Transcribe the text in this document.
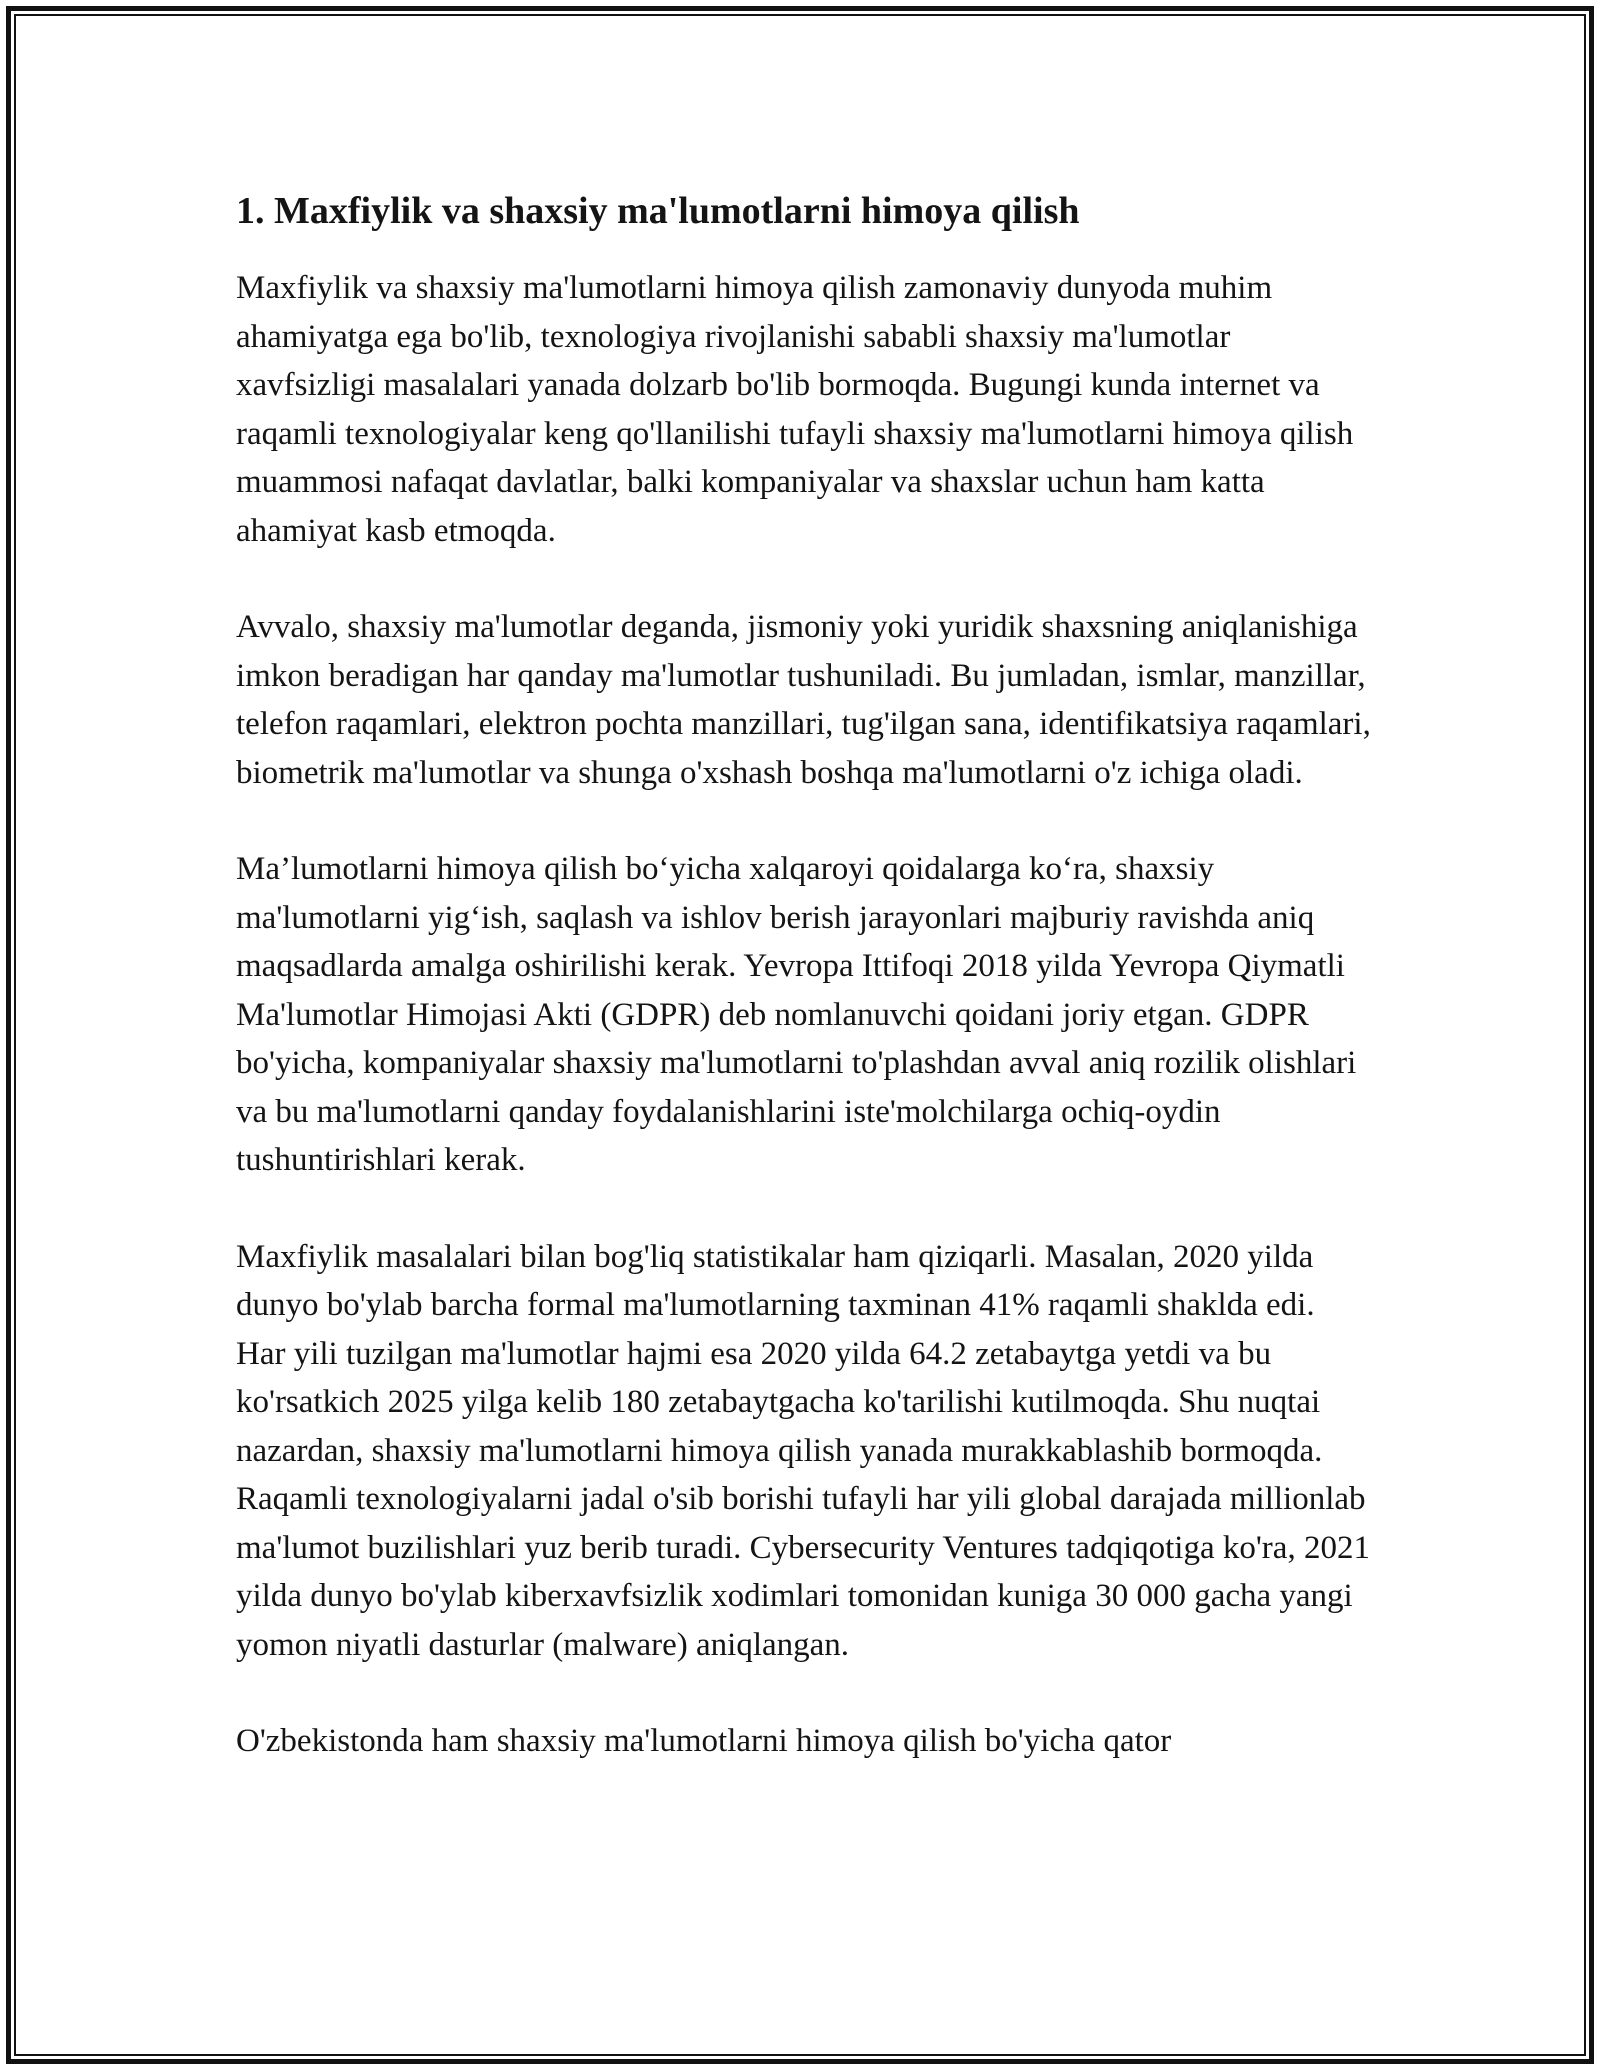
1. Maxfiylik va shaxsiy ma'lumotlarni himoya qilish

Maxfiylik va shaxsiy ma'lumotlarni himoya qilish zamonaviy dunyoda muhim ahamiyatga ega bo'lib, texnologiya rivojlanishi sababli shaxsiy ma'lumotlar xavfsizligi masalalari yanada dolzarb bo'lib bormoqda. Bugungi kunda internet va raqamli texnologiyalar keng qo'llanilishi tufayli shaxsiy ma'lumotlarni himoya qilish muammosi nafaqat davlatlar, balki kompaniyalar va shaxslar uchun ham katta ahamiyat kasb etmoqda.

Avvalo, shaxsiy ma'lumotlar deganda, jismoniy yoki yuridik shaxsning aniqlanishiga imkon beradigan har qanday ma'lumotlar tushuniladi. Bu jumladan, ismlar, manzillar, telefon raqamlari, elektron pochta manzillari, tug'ilgan sana, identifikatsiya raqamlari, biometrik ma'lumotlar va shunga o'xshash boshqa ma'lumotlarni o'z ichiga oladi.

Ma’lumotlarni himoya qilish bo‘yicha xalqaroyi qoidalarga ko‘ra, shaxsiy ma'lumotlarni yig‘ish, saqlash va ishlov berish jarayonlari majburiy ravishda aniq maqsadlarda amalga oshirilishi kerak. Yevropa Ittifoqi 2018 yilda Yevropa Qiymatli Ma'lumotlar Himojasi Akti (GDPR) deb nomlanuvchi qoidani joriy etgan. GDPR bo'yicha, kompaniyalar shaxsiy ma'lumotlarni to'plashdan avval aniq rozilik olishlari va bu ma'lumotlarni qanday foydalanishlarini iste'molchilarga ochiq-oydin tushuntirishlari kerak.

Maxfiylik masalalari bilan bog'liq statistikalar ham qiziqarli. Masalan, 2020 yilda dunyo bo'ylab barcha formal ma'lumotlarning taxminan 41% raqamli shaklda edi. Har yili tuzilgan ma'lumotlar hajmi esa 2020 yilda 64.2 zetabaytga yetdi va bu ko'rsatkich 2025 yilga kelib 180 zetabaytgacha ko'tarilishi kutilmoqda. Shu nuqtai nazardan, shaxsiy ma'lumotlarni himoya qilish yanada murakkablashib bormoqda. Raqamli texnologiyalarni jadal o'sib borishi tufayli har yili global darajada millionlab ma'lumot buzilishlari yuz berib turadi. Cybersecurity Ventures tadqiqotiga ko'ra, 2021 yilda dunyo bo'ylab kiberxavfsizlik xodimlari tomonidan kuniga 30 000 gacha yangi yomon niyatli dasturlar (malware) aniqlangan.

O'zbekistonda ham shaxsiy ma'lumotlarni himoya qilish bo'yicha qator
